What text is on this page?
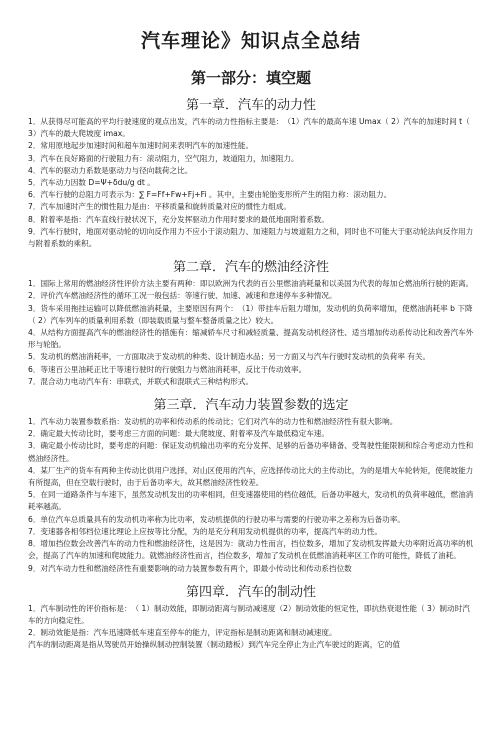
汽车理论》知识点全总结
第一部分：填空题
第一章．汽车的动力性

1．从获得尽可能高的平均行驶速度的观点出发，汽车的动力性指标主要是：　（1）汽车的最高车速 Umax（ 2）汽车的加速时间 t（ 3）汽车的最大爬坡度 imax。

2．常用原地起步加速时间和超车加速时间来表明汽车的加速性能。

3．汽车在良好路面的行驶阻力有：滚动阻力，空气阻力，坡道阻力，加速阻力。

4．汽车的驱动力系数是驱动力与径向载荷之比。

5．汽车动力因数 D=Ψ+δdu/g dt 。

6．汽车行驶的总阻力可表示为：∑ F=Ff+Fw+Fj+Fi 。其中，主要由轮胎变形所产生的阻力称：滚动阻力。

7．汽车加速时产生的惯性阻力是由：平移质量和旋转质量对应的惯性力组成。

8．附着率是指：汽车直线行驶状况下，充分发挥驱动力作用时要求的最低地面附着系数。

9．汽车行驶时，地面对驱动轮的切向反作用力不应小于滚动阻力、加速阻力与坡道阻力之和，同时也不可能大于驱动轮法向反作用力与附着系数的乘积。

第二章．汽车的燃油经济性

1．国际上常用的燃油经济性评价方法主要有两种：即以欧洲为代表的百公里燃油消耗量和以美国为代表的每加仑燃油所行驶的距离。　2．评价汽车燃油经济性的循环工况一般包括：等速行驶、加速、减速和怠速停车多种情况。

3．货车采用拖挂运输可以降低燃油消耗量，主要原因有两个：　（1）带挂车后阻力增加，发动机的负荷率增加，使燃油消耗率 b 下降（ 2）汽车列车的质量利用系数（即装载质量与整车整备质量之比）较大。

4．从结构方面提高汽车的燃油经济性的措施有：缩减轿车尺寸和减轻质量、提高发动机经济性、适当增加传动系传动比和改善汽车外形与轮胎。

5．发动机的燃油消耗率，一方面取决于发动机的种类、设计制造水品；另一方面又与汽车行驶时发动机的负荷率 有关。

6．等速百公里油耗正比于等速行驶时的行驶阻力与燃油消耗率，反比于传动效率。

7．混合动力电动汽车有：串联式，并联式和混联式三种结构形式。

第三章．汽车动力装置参数的选定

1．汽车动力装置参数系指：发动机的功率和传动系的传动比；它们对汽车的动力性和燃油经济性有很大影响。

2．确定最大传动比时，要考虑三方面的问题：最大爬坡度、附着率及汽车最低稳定车速。

3．确定最小传动比时，要考虑的问题：保证发动机输出功率的充分发挥、足够的后备功率储备、受驾驶性能限制和综合考虑动力性和燃油经济性。

4．某厂生产的货车有两种主传动比供用户选择，对山区使用的汽车，应选择传动比大的主传动比，为的是增大车轮转矩，使爬坡能力有所提高，但在空载行驶时，由于后备功率大，故其燃油经济性较差。

5．在同一道路条件与车速下，虽然发动机发出的功率相同，但变速器使用的档位越低，后备功率越大，发动机的负荷率越低，燃油消耗率越高。

6．单位汽车总质量具有的发动机功率称为比功率，发动机提供的行驶功率与需要的行驶功率之差称为后备功率。

7．变速器各相邻档位速比理论上应按等比分配，为的是充分利用发动机提供的功率，提高汽车的动力性。

8．增加挡位数会改善汽车的动力性和燃油经济性，这是因为：就动力性而言，挡位数多，增加了发动机发挥最大功率附近高功率的机会，提高了汽车的加速和爬坡能力。就燃油经济性而言，挡位数多，增加了发动机在低燃油消耗率区工作的可能性，降低了油耗。

9．对汽车动力性和燃油经济性有重要影响的动力装置参数有两个，即最小传动比和传动系挡位数

第四章．汽车的制动性

1．汽车制动性的评价指标是：　（ 1）制动效能，即制动距离与制动减速度（2）制动效能的恒定性，即抗热衰退性能（ 3）制动时汽车的方向稳定性。

2．制动效能是指：汽车迅速降低车速直至停车的能力，评定指标是制动距离和制动减速度。

汽车的制动距离是指从驾驶员开始操纵制动控制装置（制动踏板）到汽车完全停止为止汽车驶过的距离，它的值
